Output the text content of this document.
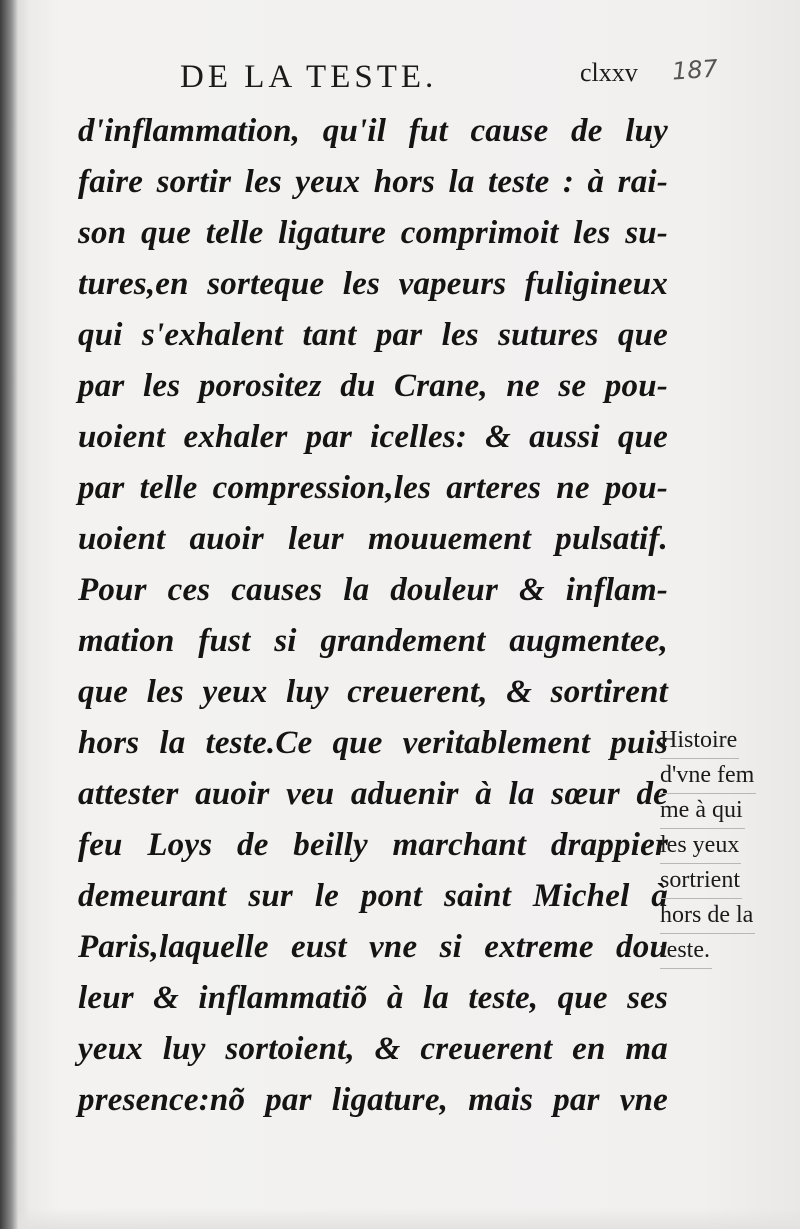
DE LA TESTE.	clxxv 187
d'inflammation, qu'il fut cause de luy
faire sortir les yeux hors la teste : à rai-
son que telle ligature comprimoit les su-
tures,en sorteque les vapeurs fuligineux
qui s'exhalent tant par les sutures que
par les porositez du Crane, ne se pou-
uoient exhaler par icelles: & aussi que
par telle compression,les arteres ne pou-
uoient auoir leur mouuement pulsatif.
Pour ces causes la douleur & inflam-
mation fust si grandement augmentee,
que les yeux luy creuerent, & sortirent
hors la teste.Ce que veritablement puis
attester auoir veu aduenir à la sœur de
feu Loys de beilly marchant drappier
demeurant sur le pont saint Michel à
Paris,laquelle eust vne si extreme dou
leur & inflammatiõ à la teste, que ses
yeux luy sortoient, & creuerent en ma
presence:nõ par ligature, mais par vne
Histoire
d'vne fem
me à qui
les yeux
sortrient
hors de la
teste.
